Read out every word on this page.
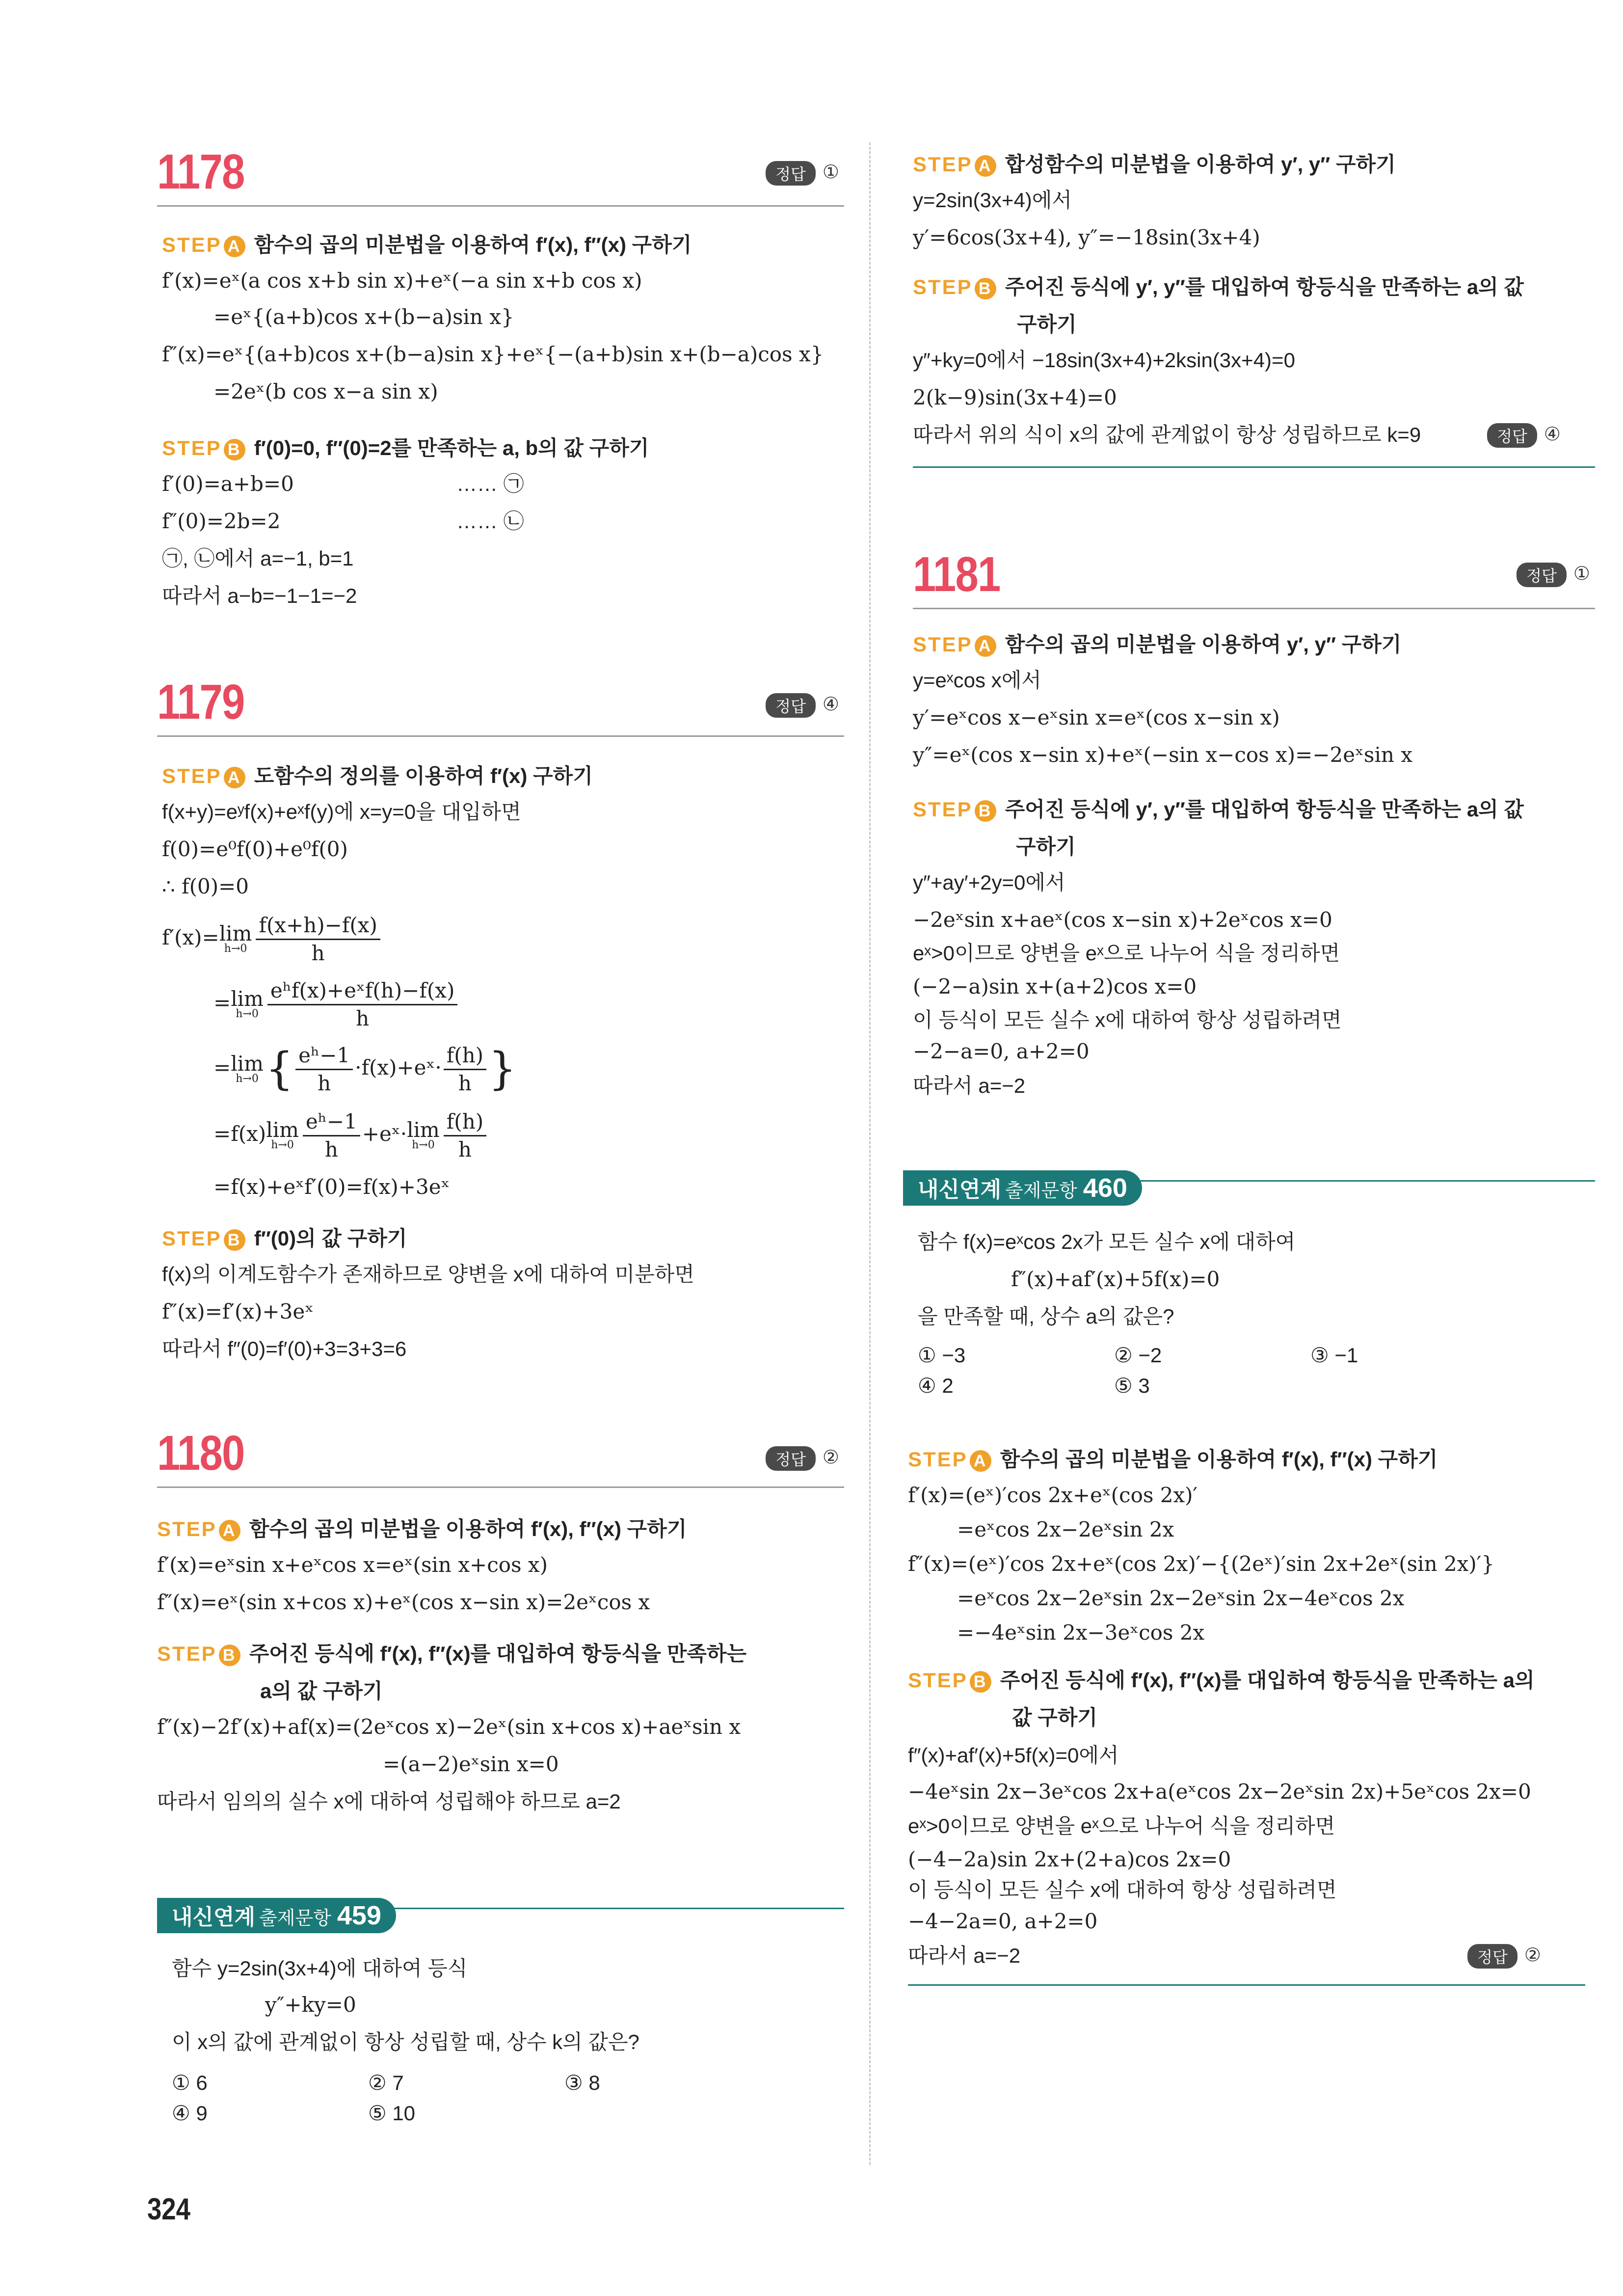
1178	정답 ①
STEP A 함수의 곱의 미분법을 이용하여 f′(x), f″(x) 구하기
f′(x)=eˣ(a cos x+b sin x)+eˣ(−a sin x+b cos x)
=eˣ{(a+b)cos x+(b−a)sin x}
f″(x)=eˣ{(a+b)cos x+(b−a)sin x}+eˣ{−(a+b)sin x+(b−a)cos x}
=2eˣ(b cos x−a sin x)
STEP B f′(0)=0, f″(0)=2를 만족하는 a, b의 값 구하기
f′(0)=a+b=0	…… ㉠
f″(0)=2b=2	…… ㉡
㉠, ㉡에서 a=−1, b=1
따라서 a−b=−1−1=−2
1179	정답 ④
STEP A 도함수의 정의를 이용하여 f′(x) 구하기
f(x+y)=eʸf(x)+eˣf(y)에 x=y=0을 대입하면
f(0)=e⁰f(0)+e⁰f(0)
∴ f(0)=0
f′(x)=lim
$h\to 0 \frac{f(x+h)-f(x)}{h}$
=lim
$h\to 0 \frac{\text{eʰf(x)+eˣf(h)−f(x)}}{h}$
=lim
h→0 { $\frac{\text{eʰ−1}}{h}$ ·f(x)+eˣ· $\frac{f(h)}{h}$ }
=f(x)lim
$h\to 0 \frac{\text{eʰ−1}}{h}$ +eˣ·lim
$h\to 0 \frac{f(h)}{h}$
=f(x)+eˣf′(0)=f(x)+3eˣ
STEP B f″(0)의 값 구하기
f(x)의 이계도함수가 존재하므로 양변을 x에 대하여 미분하면
f″(x)=f′(x)+3eˣ
따라서 f″(0)=f′(0)+3=3+3=6
1180	정답 ②
STEP A 함수의 곱의 미분법을 이용하여 f′(x), f″(x) 구하기
f′(x)=eˣsin x+eˣcos x=eˣ(sin x+cos x)
f″(x)=eˣ(sin x+cos x)+eˣ(cos x−sin x)=2eˣcos x
STEP B 주어진 등식에 f′(x), f″(x)를 대입하여 항등식을 만족하는
a의 값 구하기
f″(x)−2f′(x)+af(x)=(2eˣcos x)−2eˣ(sin x+cos x)+aeˣsin x
=(a−2)eˣsin x=0
따라서 임의의 실수 x에 대하여 성립해야 하므로 a=2
내신연계 출제문항 459
함수 y=2sin(3x+4)에 대하여 등식
y″+ky=0
이 x의 값에 관계없이 항상 성립할 때, 상수 k의 값은?
① 6	② 7	③ 8
④ 9	⑤ 10
STEP A 합성함수의 미분법을 이용하여 y′, y″ 구하기
y=2sin(3x+4)에서
y′=6cos(3x+4), y″=−18sin(3x+4)
STEP B 주어진 등식에 y′, y″를 대입하여 항등식을 만족하는 a의 값
구하기
y″+ky=0에서 −18sin(3x+4)+2ksin(3x+4)=0
2(k−9)sin(3x+4)=0
따라서 위의 식이 x의 값에 관계없이 항상 성립하므로 k=9	정답 ④
1181	정답 ①
STEP A 함수의 곱의 미분법을 이용하여 y′, y″ 구하기
y=eˣcos x에서
y′=eˣcos x−eˣsin x=eˣ(cos x−sin x)
y″=eˣ(cos x−sin x)+eˣ(−sin x−cos x)=−2eˣsin x
STEP B 주어진 등식에 y′, y″를 대입하여 항등식을 만족하는 a의 값
구하기
y″+ay′+2y=0에서
−2eˣsin x+aeˣ(cos x−sin x)+2eˣcos x=0
eˣ>0이므로 양변을 eˣ으로 나누어 식을 정리하면
(−2−a)sin x+(a+2)cos x=0
이 등식이 모든 실수 x에 대하여 항상 성립하려면
−2−a=0, a+2=0
따라서 a=−2
내신연계 출제문항 460
함수 f(x)=eˣcos 2x가 모든 실수 x에 대하여
f″(x)+af′(x)+5f(x)=0
을 만족할 때, 상수 a의 값은?
① −3	② −2	③ −1
④ 2	⑤ 3
STEP A 함수의 곱의 미분법을 이용하여 f′(x), f″(x) 구하기
f′(x)=(eˣ)′cos 2x+eˣ(cos 2x)′
=eˣcos 2x−2eˣsin 2x
f″(x)=(eˣ)′cos 2x+eˣ(cos 2x)′−{(2eˣ)′sin 2x+2eˣ(sin 2x)′}
=eˣcos 2x−2eˣsin 2x−2eˣsin 2x−4eˣcos 2x
=−4eˣsin 2x−3eˣcos 2x
STEP B 주어진 등식에 f′(x), f″(x)를 대입하여 항등식을 만족하는 a의
값 구하기
f″(x)+af′(x)+5f(x)=0에서
−4eˣsin 2x−3eˣcos 2x+a(eˣcos 2x−2eˣsin 2x)+5eˣcos 2x=0
eˣ>0이므로 양변을 eˣ으로 나누어 식을 정리하면
(−4−2a)sin 2x+(2+a)cos 2x=0
이 등식이 모든 실수 x에 대하여 항상 성립하려면
−4−2a=0, a+2=0
따라서 a=−2	정답 ②
324
